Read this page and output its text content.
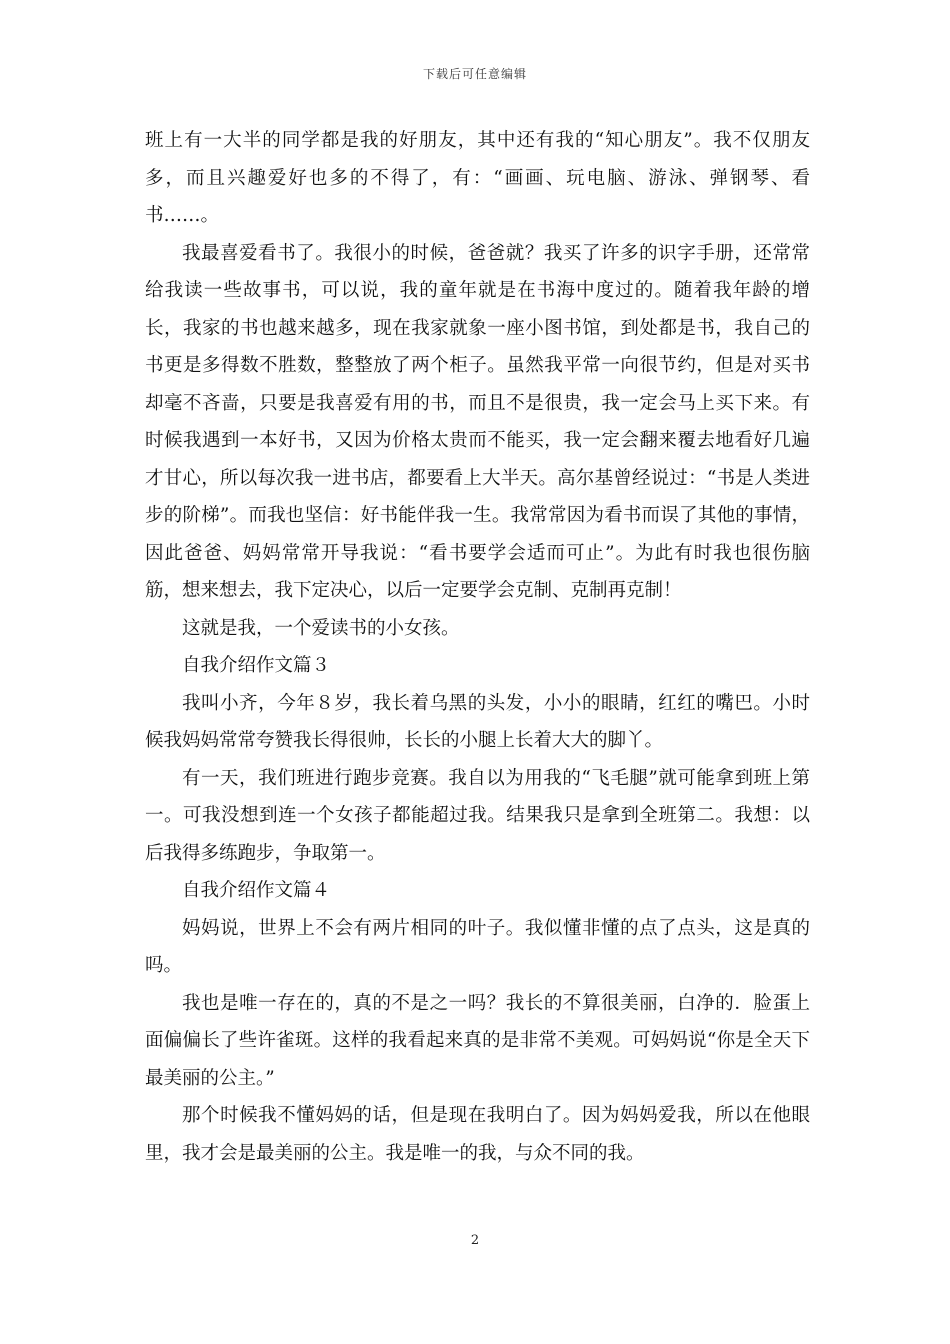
下载后可任意编辑

班上有一大半的同学都是我的好朋友，其中还有我的“知心朋友”。我不仅朋友多，而且兴趣爱好也多的不得了，有：“画画、玩电脑、游泳、弹钢琴、看书……。

我最喜爱看书了。我很小的时候，爸爸就？我买了许多的识字手册，还常常给我读一些故事书，可以说，我的童年就是在书海中度过的。随着我年龄的增长，我家的书也越来越多，现在我家就象一座小图书馆，到处都是书，我自己的书更是多得数不胜数，整整放了两个柜子。虽然我平常一向很节约，但是对买书却毫不吝啬，只要是我喜爱有用的书，而且不是很贵，我一定会马上买下来。有时候我遇到一本好书，又因为价格太贵而不能买，我一定会翻来覆去地看好几遍才甘心，所以每次我一进书店，都要看上大半天。高尔基曾经说过：“书是人类进步的阶梯”。而我也坚信：好书能伴我一生。我常常因为看书而误了其他的事情，因此爸爸、妈妈常常开导我说：“看书要学会适而可止”。为此有时我也很伤脑筋，想来想去，我下定决心，以后一定要学会克制、克制再克制！

这就是我，一个爱读书的小女孩。

自我介绍作文篇３

我叫小齐，今年８岁，我长着乌黑的头发，小小的眼睛，红红的嘴巴。小时候我妈妈常常夸赞我长得很帅，长长的小腿上长着大大的脚丫。

有一天，我们班进行跑步竞赛。我自以为用我的“飞毛腿”就可能拿到班上第一。可我没想到连一个女孩子都能超过我。结果我只是拿到全班第二。我想：以后我得多练跑步，争取第一。

自我介绍作文篇４

妈妈说，世界上不会有两片相同的叶子。我似懂非懂的点了点头，这是真的吗。

我也是唯一存在的，真的不是之一吗？我长的不算很美丽，白净的．脸蛋上面偏偏长了些许雀斑。这样的我看起来真的是非常不美观。可妈妈说“你是全天下最美丽的公主。”

那个时候我不懂妈妈的话，但是现在我明白了。因为妈妈爱我，所以在他眼里，我才会是最美丽的公主。我是唯一的我，与众不同的我。

2
